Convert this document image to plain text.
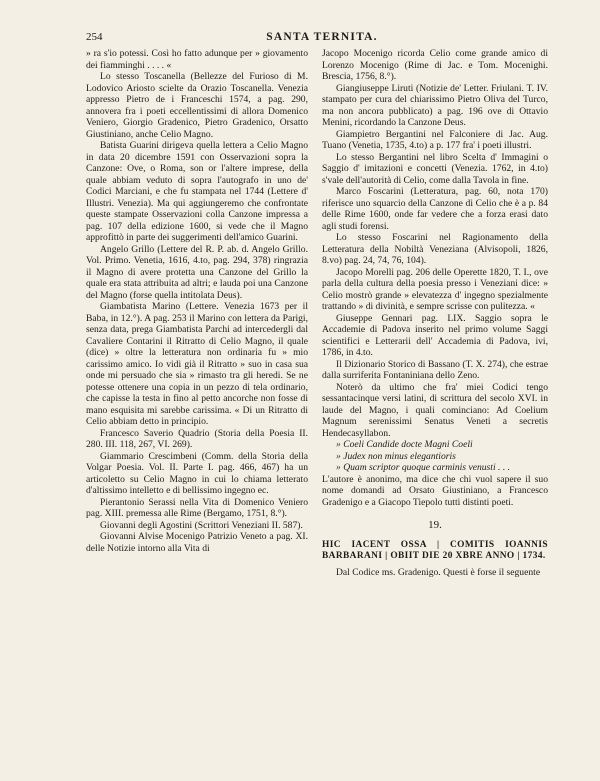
254	SANTA TERNITA.

» ra s'io potessi. Così ho fatto adunque per » giovamento dei fiamminghi . . . . «

Lo stesso Toscanella (Bellezze del Furioso di M. Lodovico Ariosto scielte da Orazio Toscanella. Venezia appresso Pietro de i Franceschi 1574, a pag. 290, annovera fra i poeti eccellentissimi di allora Domenico Veniero, Giorgio Gradenico, Pietro Gradenico, Orsatto Giustiniano, anche Celio Magno.

Batista Guarini dirigeva quella lettera a Celio Magno in data 20 dicembre 1591 con Osservazioni sopra la Canzone: Ove, o Roma, son or l'altere imprese, della quale abbiam veduto di sopra l'autografo in uno de' Codici Marciani, e che fu stampata nel 1744 (Lettere d' Illustri. Venezia). Ma qui aggiungeremo che confrontate queste stampate Osservazioni colla Canzone impressa a pag. 107 della edizione 1600, si vede che il Magno approfittò in parte dei suggerimenti dell'amico Guarini.

Angelo Grillo (Lettere del R. P. ab. d. Angelo Grillo. Vol. Primo. Venetia, 1616, 4.to, pag. 294, 378) ringrazia il Magno di avere protetta una Canzone del Grillo la quale era stata attribuita ad altri; e lauda poi una Canzone del Magno (forse quella intitolata Deus).

Giambatista Marino (Lettere. Venezia 1673 per il Baba, in 12.°). A pag. 253 il Marino con lettera da Parigi, senza data, prega Giambatista Parchi ad intercedergli dal Cavaliere Contarini il Ritratto di Celio Magno, il quale (dice) » oltre la letteratura non ordinaria fu » mio carissimo amico. Io vidi già il Ritratto » suo in casa sua onde mi persuado che sia » rimasto tra gli heredi. Se ne potesse ottenere una copia in un pezzo di tela ordinario, che capisse la testa in fino al petto ancorche non fosse di mano esquisita mi sarebbe carissima. « Di un Ritratto di Celio abbiam detto in principio.

Francesco Saverio Quadrio (Storia della Poesia II. 280. III. 118, 267, VI. 269).

Giammario Crescimbeni (Comm. della Storia della Volgar Poesia. Vol. II. Parte I. pag. 466, 467) ha un articoletto su Celio Magno in cui lo chiama letterato d'altissimo intelletto e di bellissimo ingegno ec.

Pierantonio Serassi nella Vita di Domenico Veniero pag. XIII. premessa alle Rime (Bergamo, 1751, 8.°).

Giovanni degli Agostini (Scrittori Veneziani II. 587).

Giovanni Alvise Mocenigo Patrizio Veneto a pag. XI. delle Notizie intorno alla Vita di

Jacopo Mocenigo ricorda Celio come grande amico di Lorenzo Mocenigo (Rime di Jac. e Tom. Mocenighi. Brescia, 1756, 8.°).

Giangiuseppe Liruti (Notizie de' Letter. Friulani. T. IV. stampato per cura del chiarissimo Pietro Oliva del Turco, ma non ancora pubblicato) a pag. 196 ove di Ottavio Menini, ricordando la Canzone Deus.

Giampietro Bergantini nel Falconiere di Jac. Aug. Tuano (Venetia, 1735, 4.to) a p. 177 fra' i poeti illustri.

Lo stesso Bergantini nel libro Scelta d' Immagini o Saggio d' imitazioni e concetti (Venezia. 1762, in 4.to) s'vale dell'autorità di Celio, come dalla Tavola in fine.

Marco Foscarini (Letteratura, pag. 60, nota 170) riferisce uno squarcio della Canzone di Celio che è a p. 84 delle Rime 1600, onde far vedere che a forza erasi dato agli studi forensi.

Lo stesso Foscarini nel Ragionamento della Letteratura della Nobiltà Veneziana (Alvisopoli, 1826, 8.vo) pag. 24, 74, 76, 104).

Jacopo Morelli pag. 206 delle Operette 1820, T. I., ove parla della cultura della poesia presso i Veneziani dice: » Celio mostrò grande » elevatezza d' ingegno spezialmente trattando » di divinità, e sempre scrisse con pulitezza. «

Giuseppe Gennari pag. LIX. Saggio sopra le Accademie di Padova inserito nel primo volume Saggi scientifici e Letterarii dell' Accademia di Padova, ivi, 1786, in 4.to.

Il Dizionario Storico di Bassano (T. X. 274), che estrae dalla surriferita Fontaniniana dello Zeno.

Noterò da ultimo che fra' miei Codici tengo sessantacinque versi latini, di scrittura del secolo XVI. in laude del Magno, i quali cominciano: Ad Coelium Magnum serenissimi Senatus Veneti a secretis Hendecasyllabon.

» Coeli Candide docte Magni Coeli

» Judex non minus elegantioris

» Quam scriptor quoque carminis venusti . . .

L'autore è anonimo, ma dice che chi vuol sapere il suo nome domandi ad Orsato Giustiniano, a Francesco Gradenigo e a Giacopo Tiepolo tutti distinti poeti.

19.

HIC IACENT OSSA | COMITIS IOANNIS BARBARANI | OBIIT DIE 20 XBRE ANNO | 1734.

Dal Codice ms. Gradenigo. Questi è forse il seguente
